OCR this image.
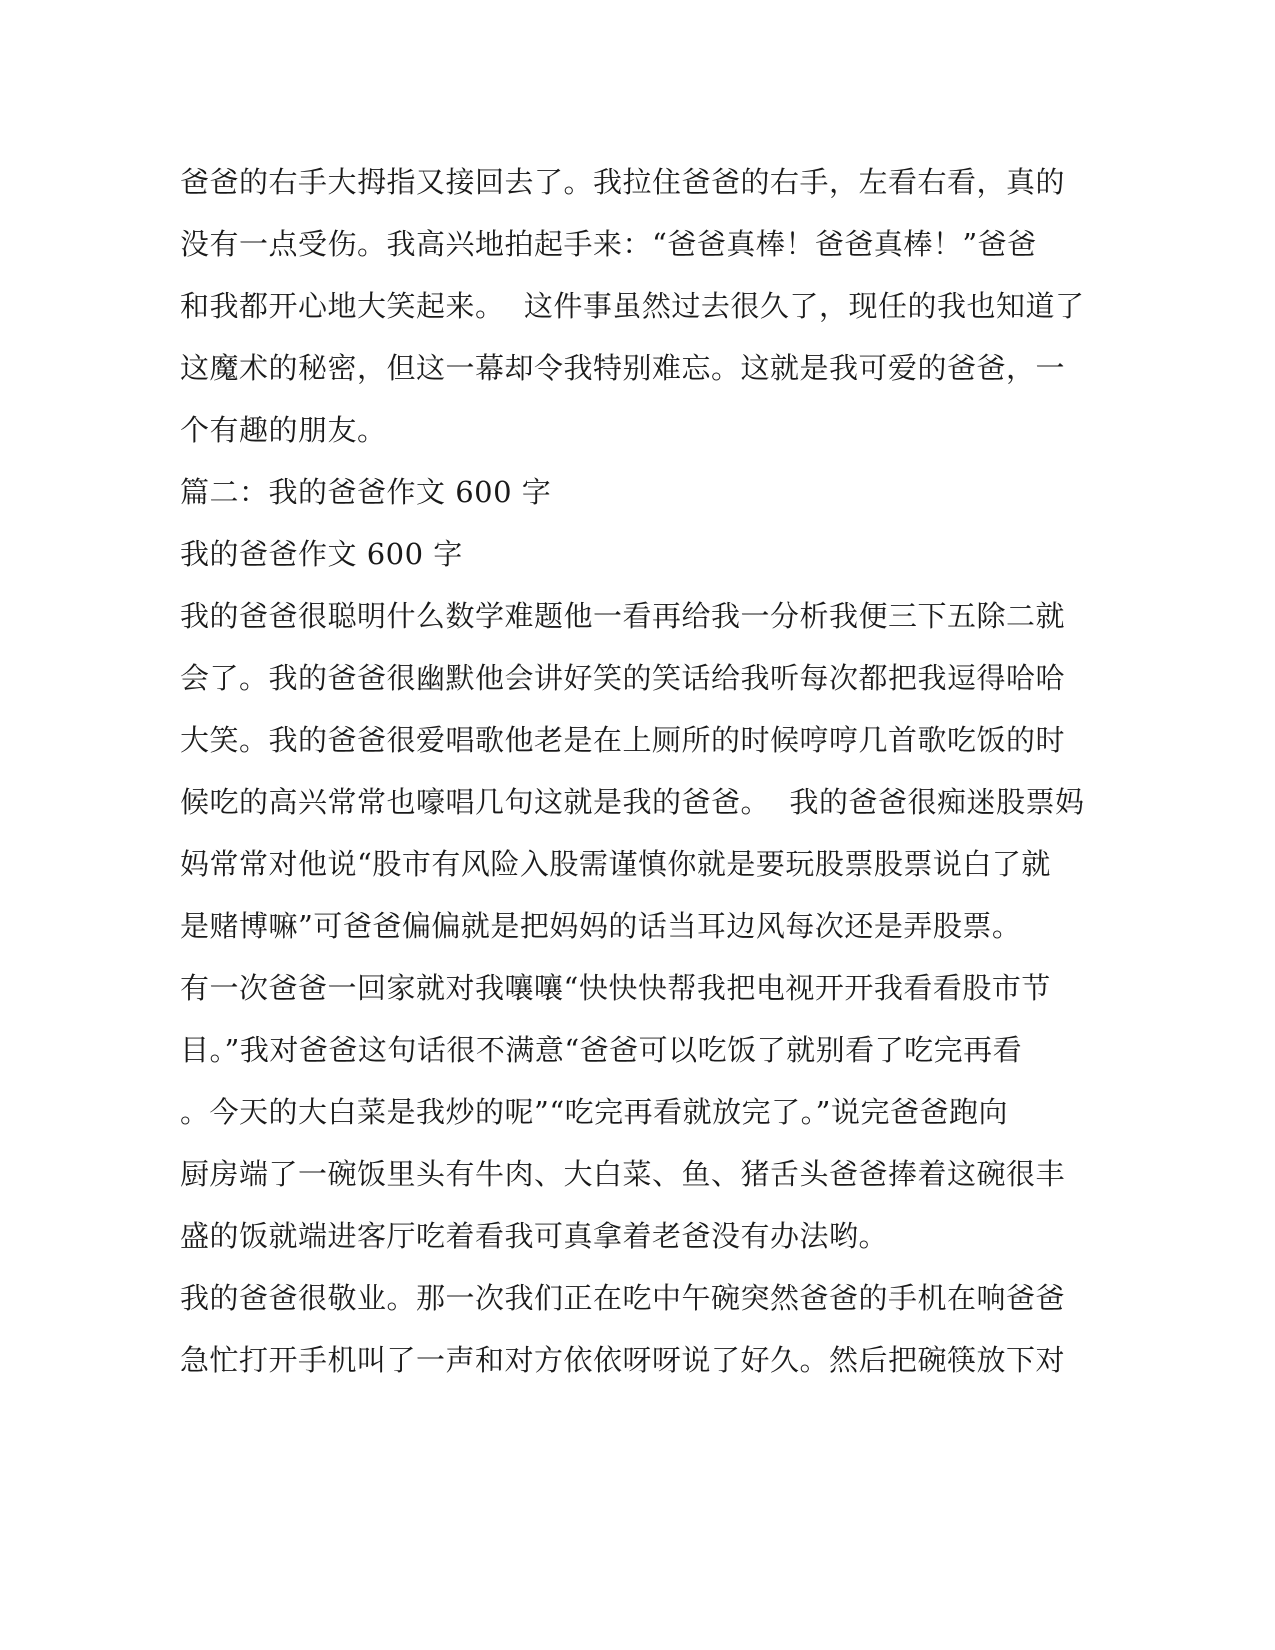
爸爸的右手大拇指又接回去了。我拉住爸爸的右手，左看右看，真的

没有一点受伤。我高兴地拍起手来：“爸爸真棒！爸爸真棒！”爸爸

和我都开心地大笑起来。  这件事虽然过去很久了，现任的我也知道了

这魔术的秘密，但这一幕却令我特别难忘。这就是我可爱的爸爸，一

个有趣的朋友。

篇二：我的爸爸作文 600 字

我的爸爸作文 600 字

我的爸爸很聪明什么数学难题他一看再给我一分析我便三下五除二就

会了。我的爸爸很幽默他会讲好笑的笑话给我听每次都把我逗得哈哈

大笑。我的爸爸很爱唱歌他老是在上厕所的时候哼哼几首歌吃饭的时

候吃的高兴常常也嚎唱几句这就是我的爸爸。  我的爸爸很痴迷股票妈

妈常常对他说“股市有风险入股需谨慎你就是要玩股票股票说白了就

是赌博嘛”可爸爸偏偏就是把妈妈的话当耳边风每次还是弄股票。

有一次爸爸一回家就对我嚷嚷“快快快帮我把电视开开我看看股市节

目。”我对爸爸这句话很不满意“爸爸可以吃饭了就别看了吃完再看

。今天的大白菜是我炒的呢”“吃完再看就放完了。”说完爸爸跑向

厨房端了一碗饭里头有牛肉、大白菜、鱼、猪舌头爸爸捧着这碗很丰

盛的饭就端进客厅吃着看我可真拿着老爸没有办法哟。

我的爸爸很敬业。那一次我们正在吃中午碗突然爸爸的手机在响爸爸

急忙打开手机叫了一声和对方依依呀呀说了好久。然后把碗筷放下对
